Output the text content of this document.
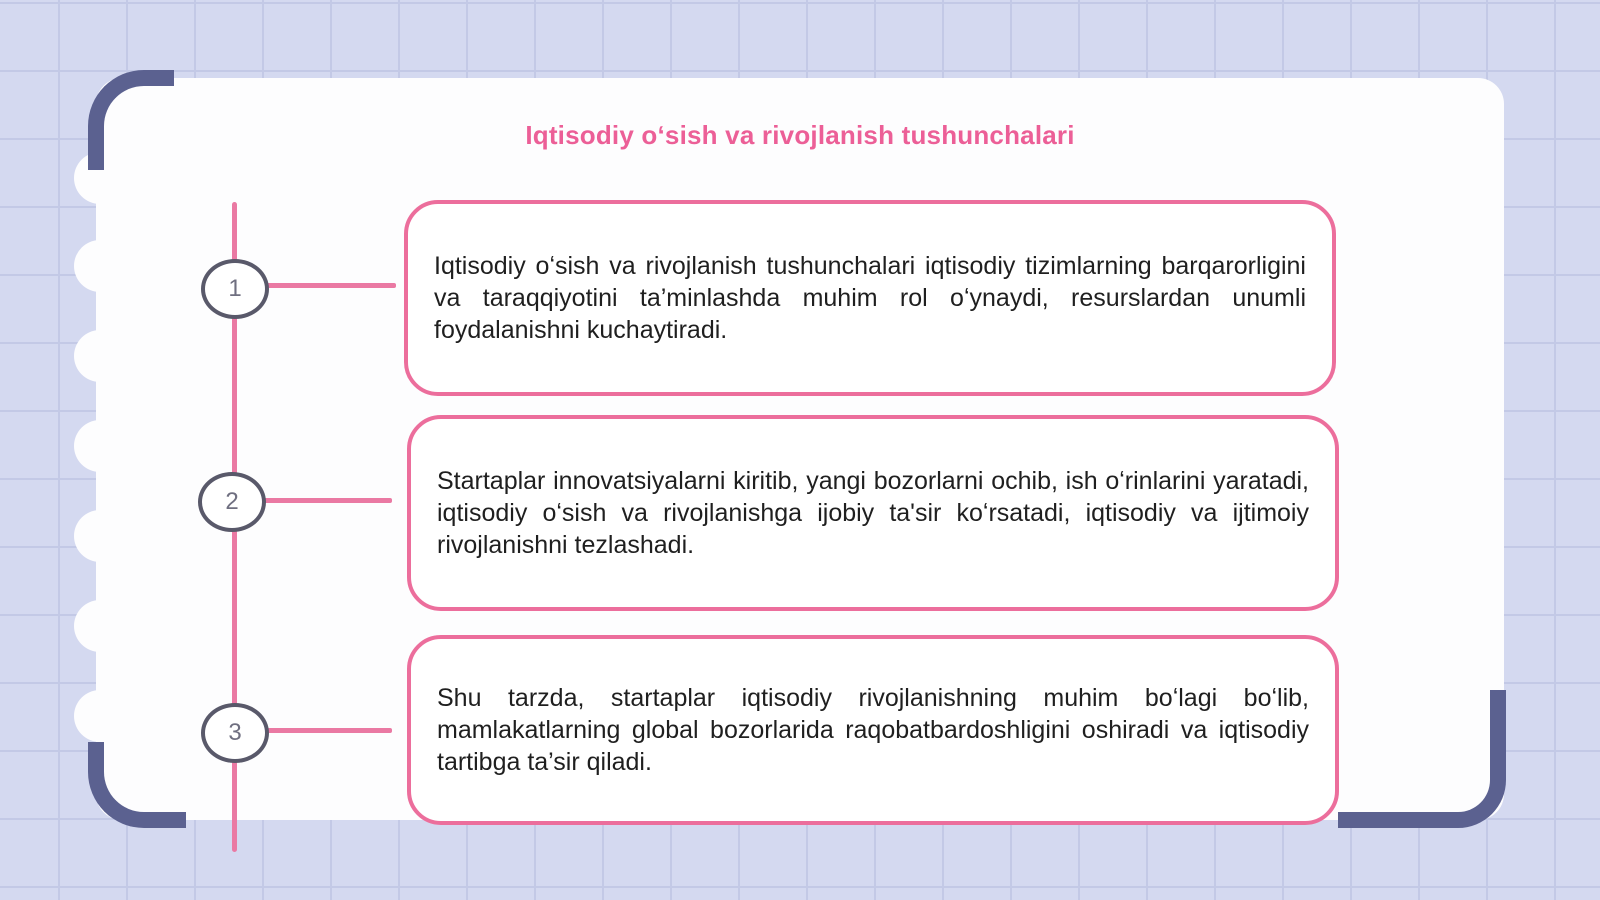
Iqtisodiy oʻsish va rivojlanish tushunchalari
1

Iqtisodiy oʻsish va rivojlanish tushunchalari iqtisodiy tizimlarning barqarorligini va taraqqiyotini ta’minlashda muhim rol oʻynaydi, resurslardan unumli foydalanishni kuchaytiradi.

2

Startaplar innovatsiyalarni kiritib, yangi bozorlarni ochib, ish oʻrinlarini yaratadi, iqtisodiy oʻsish va rivojlanishga ijobiy ta'sir koʻrsatadi, iqtisodiy va ijtimoiy rivojlanishni tezlashadi.

3

Shu tarzda, startaplar iqtisodiy rivojlanishning muhim boʻlagi boʻlib, mamlakatlarning global bozorlarida raqobatbardoshligini oshiradi va iqtisodiy tartibga ta’sir qiladi.
